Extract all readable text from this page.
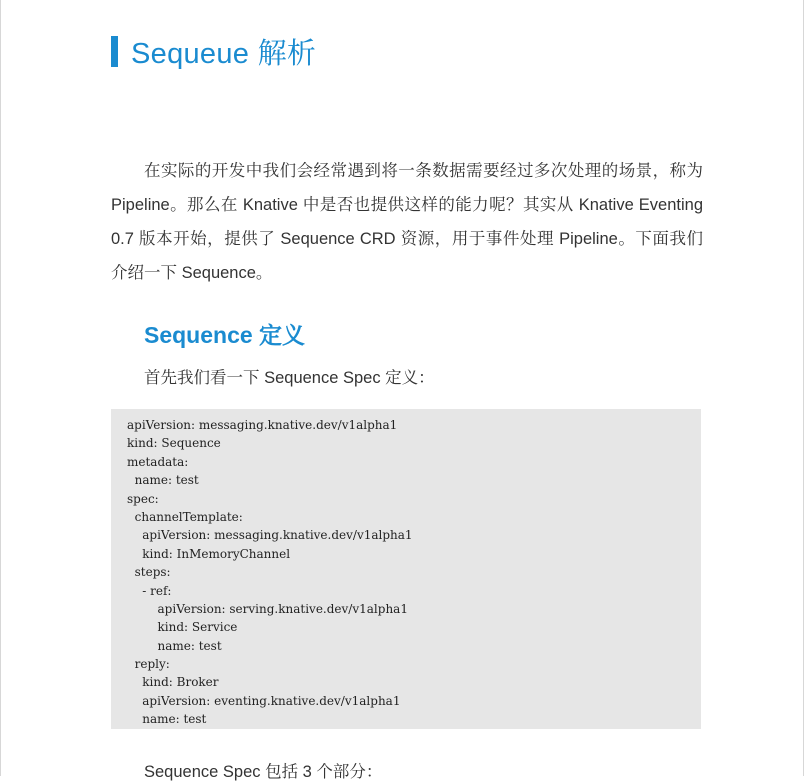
Sequeue 解析

在实际的开发中我们会经常遇到将一条数据需要经过多次处理的场景，称为 Pipeline。那么在 Knative 中是否也提供这样的能力呢？其实从 Knative Eventing 0.7 版本开始，提供了 Sequence CRD 资源，用于事件处理 Pipeline。下面我们介绍一下 Sequence。

Sequence 定义

首先我们看一下 Sequence Spec 定义：

apiVersion: messaging.knative.dev/v1alpha1
kind: Sequence
metadata:
name: test
spec:
channelTemplate:
apiVersion: messaging.knative.dev/v1alpha1
kind: InMemoryChannel
steps:
- ref:
apiVersion: serving.knative.dev/v1alpha1
kind: Service
name: test
reply:
kind: Broker
apiVersion: eventing.knative.dev/v1alpha1
name: test

Sequence Spec 包括 3 个部分：
